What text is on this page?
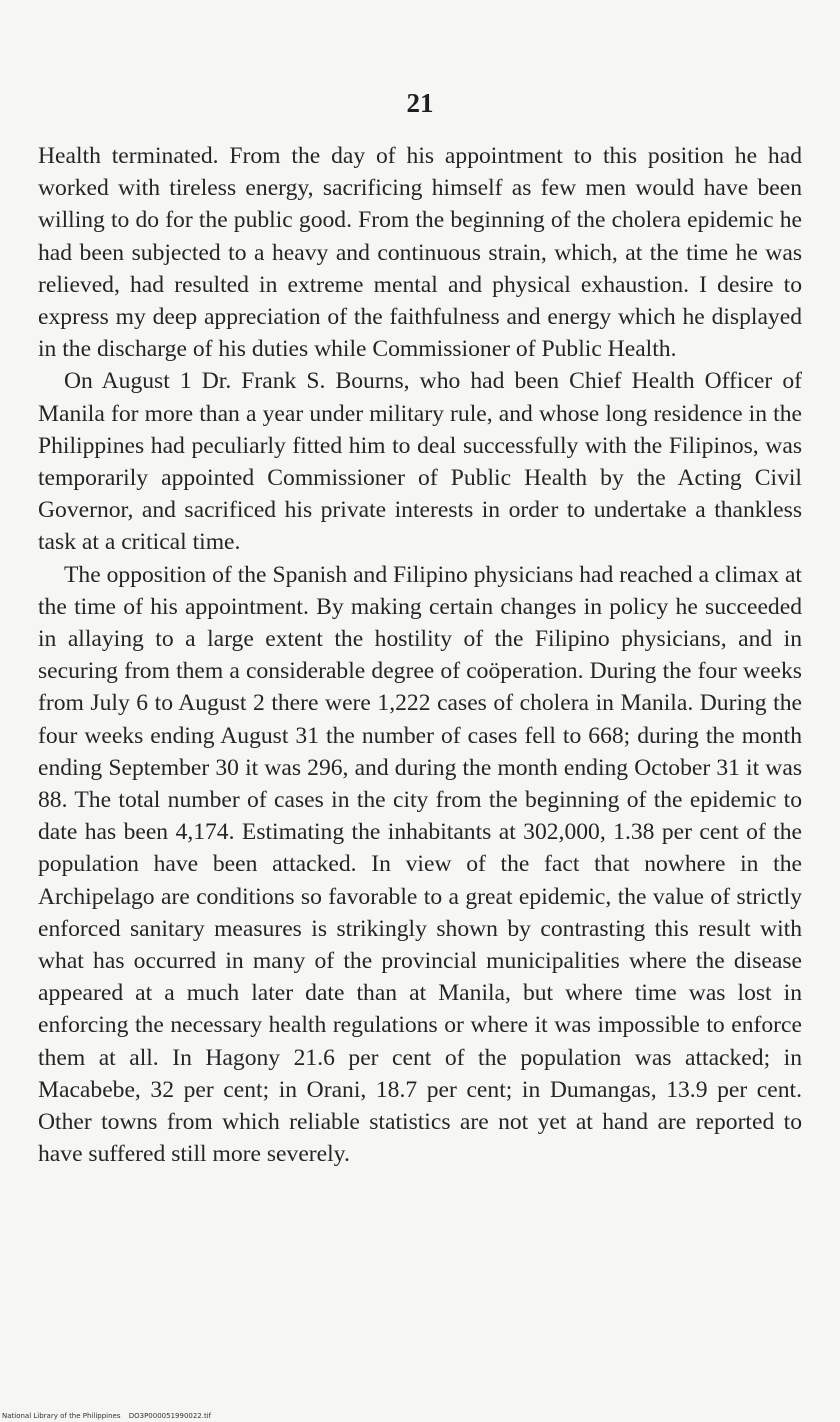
21

Health terminated. From the day of his appointment to this position he had worked with tireless energy, sacrificing himself as few men would have been willing to do for the public good. From the beginning of the cholera epidemic he had been subjected to a heavy and continuous strain, which, at the time he was relieved, had resulted in extreme mental and physical exhaustion. I desire to express my deep appreciation of the faithfulness and energy which he displayed in the discharge of his duties while Commissioner of Public Health.

On August 1 Dr. Frank S. Bourns, who had been Chief Health Officer of Manila for more than a year under military rule, and whose long residence in the Philippines had peculiarly fitted him to deal successfully with the Filipinos, was temporarily appointed Commissioner of Public Health by the Acting Civil Governor, and sacrificed his private interests in order to undertake a thankless task at a critical time.

The opposition of the Spanish and Filipino physicians had reached a climax at the time of his appointment. By making certain changes in policy he succeeded in allaying to a large extent the hostility of the Filipino physicians, and in securing from them a considerable degree of coöperation. During the four weeks from July 6 to August 2 there were 1,222 cases of cholera in Manila. During the four weeks ending August 31 the number of cases fell to 668; during the month ending September 30 it was 296, and during the month ending October 31 it was 88. The total number of cases in the city from the beginning of the epidemic to date has been 4,174. Estimating the inhabitants at 302,000, 1.38 per cent of the population have been attacked. In view of the fact that nowhere in the Archipelago are conditions so favorable to a great epidemic, the value of strictly enforced sanitary measures is strikingly shown by contrasting this result with what has occurred in many of the provincial municipalities where the disease appeared at a much later date than at Manila, but where time was lost in enforcing the necessary health regulations or where it was impossible to enforce them at all. In Hagony 21.6 per cent of the population was attacked; in Macabebe, 32 per cent; in Orani, 18.7 per cent; in Dumangas, 13.9 per cent. Other towns from which reliable statistics are not yet at hand are reported to have suffered still more severely.

National Library of the Philippines DO3P000051990022.tif
